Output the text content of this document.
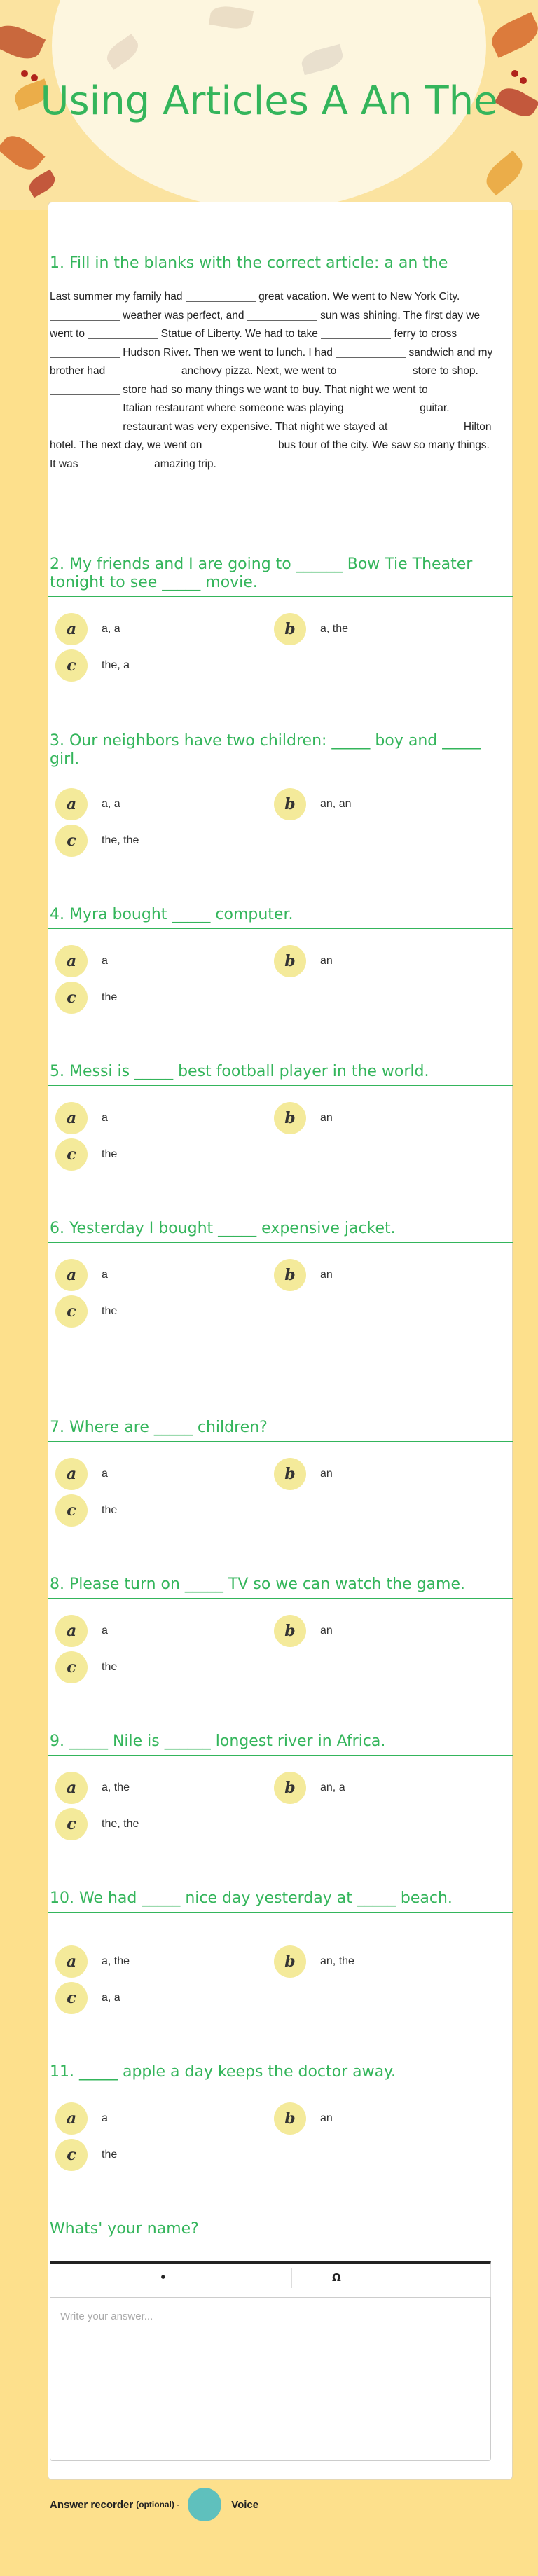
Using Articles A An The
1. Fill in the blanks with the correct article: a an the
Last summer my family had	great vacation. We went to New York City.  weather was perfect, and	sun was shining. The first day we went to	Statue of Liberty. We had to take	ferry to cross  Hudson River. Then we went to lunch. I had	sandwich and my brother had	anchovy pizza. Next, we went to	store to shop.  store had so many things we want to buy. That night we went to  Italian restaurant where someone was playing	guitar.  restaurant was very expensive. That night we stayed at	Hilton hotel. The next day, we went on	bus tour of the city. We saw so many things. It was	amazing trip.
2. My friends and I are going to ______ Bow Tie Theater tonight to see _____ movie.
a	a, a	b	a, the
c	the, a
3. Our neighbors have two children: _____ boy and _____ girl.
a	a, a	b	an, an
c	the, the
4. Myra bought _____ computer.
a	a	b	an
c	the
5. Messi is _____ best football player in the world.
a	a	b	an
c	the
6. Yesterday I bought _____ expensive jacket.
a	a	b	an
c	the
7. Where are _____ children?
a	a	b	an
c	the
8. Please turn on _____ TV so we can watch the game.
a	a	b	an
c	the
9. _____ Nile is ______ longest river in Africa.
a	a, the	b	an, a
c	the, the
10. We had _____ nice day yesterday at _____ beach.
a	a, the	b	an, the
c	a, a
11. _____ apple a day keeps the doctor away.
a	a	b	an
c	the
Whats' your name?
•	Ω
Write your answer...
Answer recorder (optional) -	Voice
